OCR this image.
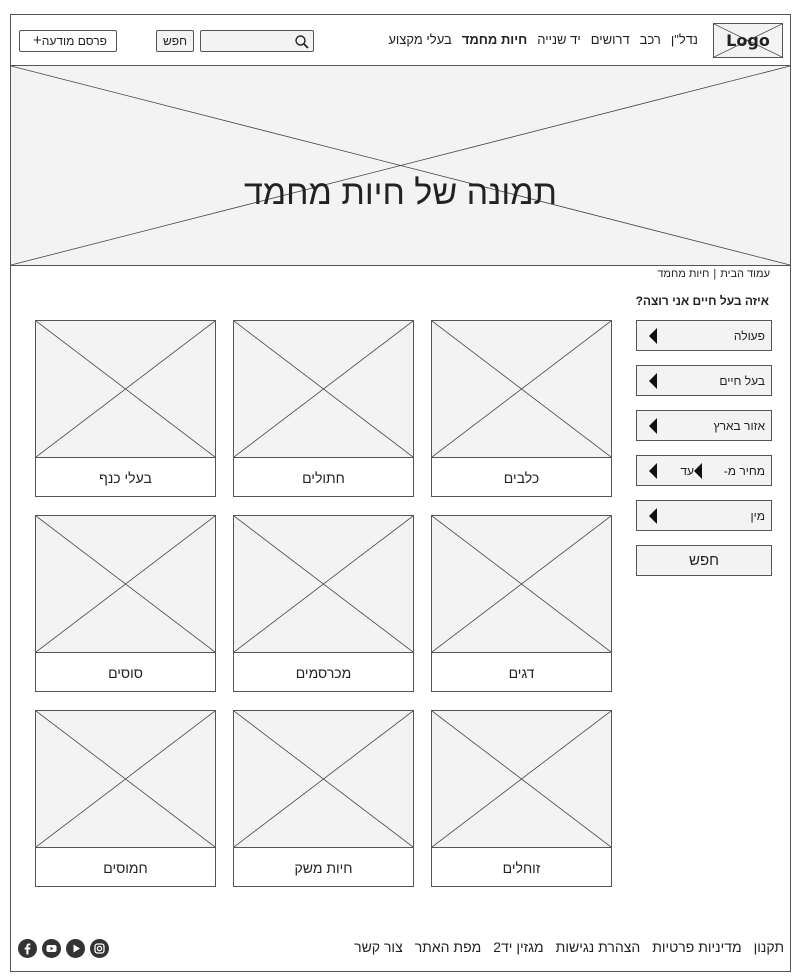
Logo
נדל"ן
רכב
דרושים
יד שנייה
חיות מחמד
בעלי מקצוע
חפש
פרסם מודעה+
תמונה של חיות מחמד
עמוד הבית|חיות מחמד
איזה בעל חיים אני רוצה?
פעולה
בעל חיים
אזור בארץ
מחיר מ-
עד
מין
חפש
כלבים
חתולים
בעלי כנף
דגים
מכרסמים
סוסים
זוחלים
חיות משק
חמוסים
תקנון
מדיניות פרטיות
הצהרת נגישות
מגזין יד2
מפת האתר
צור קשר
